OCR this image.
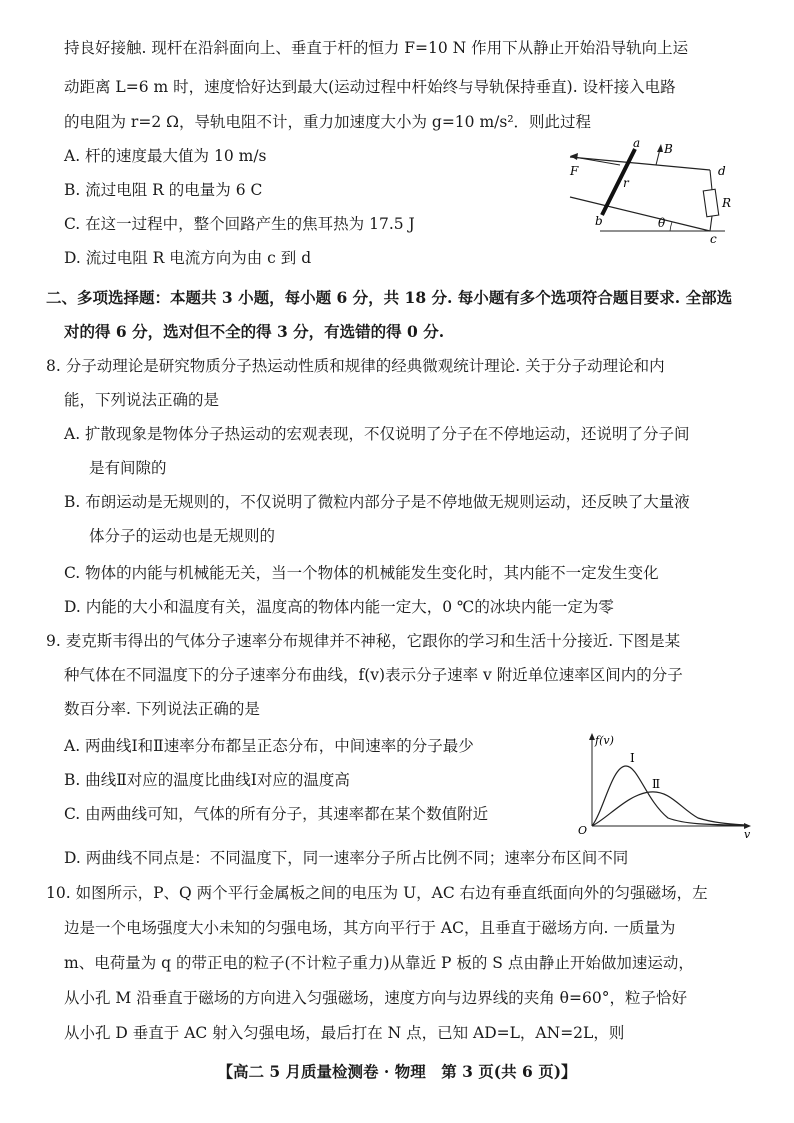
持良好接触. 现杆在沿斜面向上、垂直于杆的恒力 F=10 N 作用下从静止开始沿导轨向上运
动距离 L=6 m 时，速度恰好达到最大(运动过程中杆始终与导轨保持垂直). 设杆接入电路
的电阻为 r=2 Ω，导轨电阻不计，重力加速度大小为 g=10 m/s²．则此过程
A. 杆的速度最大值为 10 m/s
B. 流过电阻 R 的电量为 6 C
C. 在这一过程中，整个回路产生的焦耳热为 17.5 J
D. 流过电阻 R 电流方向为由 c 到 d
a B
F
r
d
R
b	θ
c
二、多项选择题：本题共 3 小题，每小题 6 分，共 18 分. 每小题有多个选项符合题目要求. 全部选
对的得 6 分，选对但不全的得 3 分，有选错的得 0 分.
8. 分子动理论是研究物质分子热运动性质和规律的经典微观统计理论. 关于分子动理论和内
能，下列说法正确的是
A. 扩散现象是物体分子热运动的宏观表现，不仅说明了分子在不停地运动，还说明了分子间
是有间隙的
B. 布朗运动是无规则的，不仅说明了微粒内部分子是不停地做无规则运动，还反映了大量液
体分子的运动也是无规则的
C. 物体的内能与机械能无关，当一个物体的机械能发生变化时，其内能不一定发生变化
D. 内能的大小和温度有关，温度高的物体内能一定大，0 ℃的冰块内能一定为零
9. 麦克斯韦得出的气体分子速率分布规律并不神秘，它跟你的学习和生活十分接近. 下图是某
种气体在不同温度下的分子速率分布曲线，f(v)表示分子速率 v 附近单位速率区间内的分子
数百分率. 下列说法正确的是
A. 两曲线Ⅰ和Ⅱ速率分布都呈正态分布，中间速率的分子最少
B. 曲线Ⅱ对应的温度比曲线Ⅰ对应的温度高
C. 由两曲线可知，气体的所有分子，其速率都在某个数值附近
D. 两曲线不同点是：不同温度下，同一速率分子所占比例不同；速率分布区间不同
f(v)
v
O
Ⅰ
Ⅱ
10. 如图所示，P、Q 两个平行金属板之间的电压为 U，AC 右边有垂直纸面向外的匀强磁场，左
边是一个电场强度大小未知的匀强电场，其方向平行于 AC，且垂直于磁场方向. 一质量为
m、电荷量为 q 的带正电的粒子(不计粒子重力)从靠近 P 板的 S 点由静止开始做加速运动，
从小孔 M 沿垂直于磁场的方向进入匀强磁场，速度方向与边界线的夹角 θ=60°，粒子恰好
从小孔 D 垂直于 AC 射入匀强电场，最后打在 N 点，已知 AD=L，AN=2L，则
【高二 5 月质量检测卷 · 物理　第 3 页(共 6 页)】
